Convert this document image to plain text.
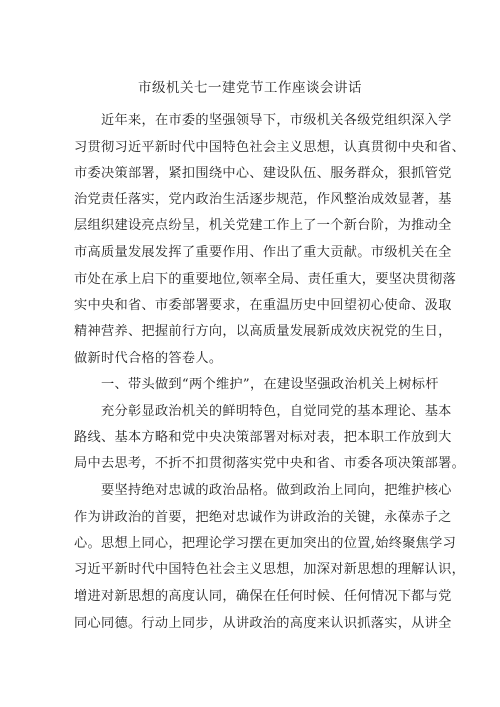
市级机关七一建党节工作座谈会讲话
近年来，在市委的坚强领导下，市级机关各级党组织深入学
习贯彻习近平新时代中国特色社会主义思想，认真贯彻中央和省、
市委决策部署，紧扣围绕中心、建设队伍、服务群众，狠抓管党
治党责任落实，党内政治生活逐步规范，作风整治成效显著，基
层组织建设亮点纷呈，机关党建工作上了一个新台阶，为推动全
市高质量发展发挥了重要作用、作出了重大贡献。市级机关在全
市处在承上启下的重要地位,领率全局、责任重大，要坚决贯彻落
实中央和省、市委部署要求，在重温历史中回望初心使命、汲取
精神营养、把握前行方向，以高质量发展新成效庆祝党的生日，
做新时代合格的答卷人。
一、带头做到“两个维护”，在建设坚强政治机关上树标杆
充分彰显政治机关的鲜明特色，自觉同党的基本理论、基本
路线、基本方略和党中央决策部署对标对表，把本职工作放到大
局中去思考，不折不扣贯彻落实党中央和省、市委各项决策部署。
要坚持绝对忠诚的政治品格。做到政治上同向，把维护核心
作为讲政治的首要，把绝对忠诚作为讲政治的关键，永葆赤子之
心。思想上同心，把理论学习摆在更加突出的位置,始终聚焦学习
习近平新时代中国特色社会主义思想，加深对新思想的理解认识，
增进对新思想的高度认同，确保在任何时候、任何情况下都与党
同心同德。行动上同步，从讲政治的高度来认识抓落实，从讲全
